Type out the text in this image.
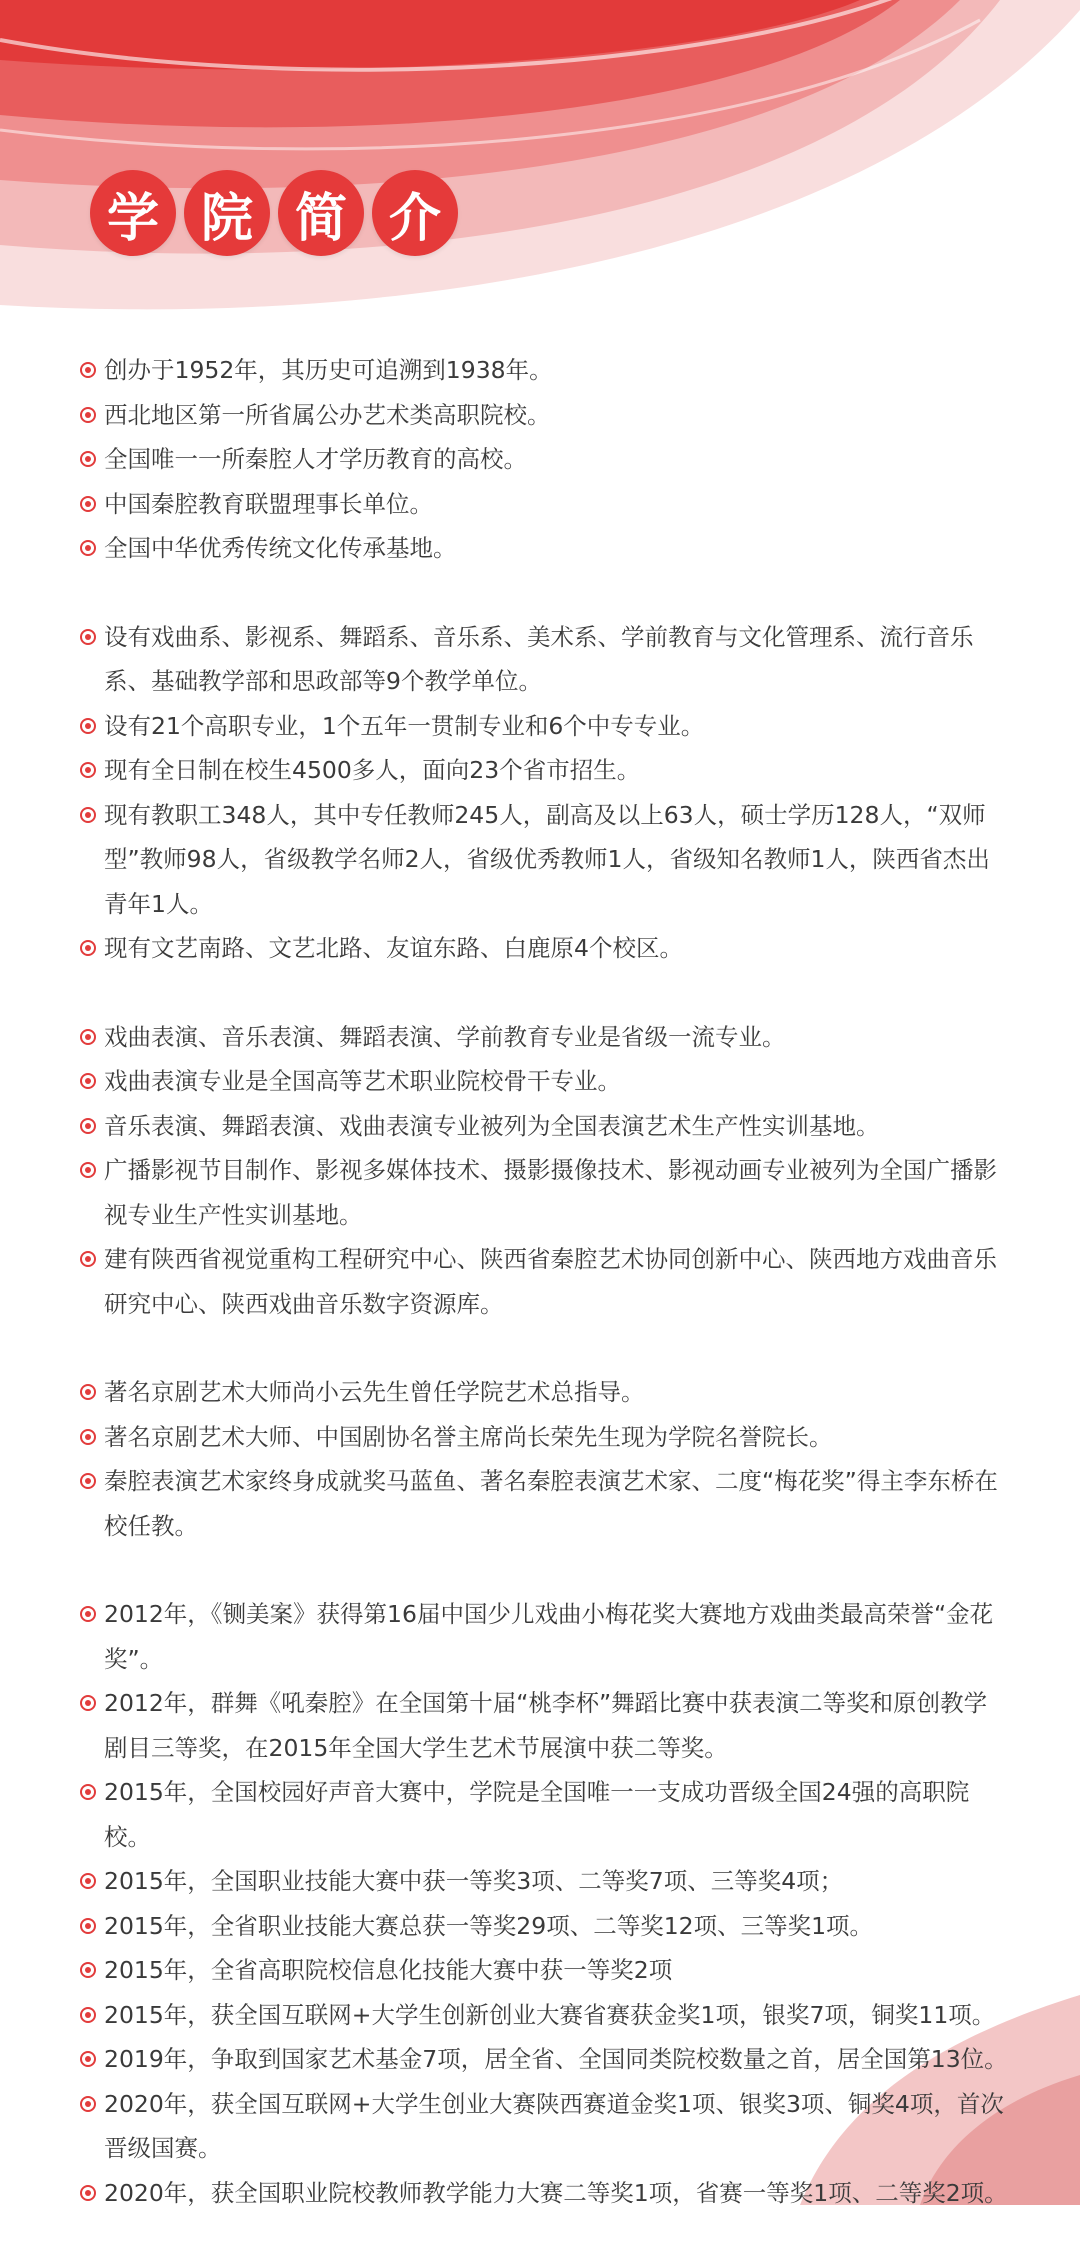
学 院 简 介
创办于1952年，其历史可追溯到1938年。
西北地区第一所省属公办艺术类高职院校。
全国唯一一所秦腔人才学历教育的高校。
中国秦腔教育联盟理事长单位。
全国中华优秀传统文化传承基地。
设有戏曲系、影视系、舞蹈系、音乐系、美术系、学前教育与文化管理系、流行音乐系、基础教学部和思政部等9个教学单位。
设有21个高职专业，1个五年一贯制专业和6个中专专业。
现有全日制在校生4500多人，面向23个省市招生。
现有教职工348人，其中专任教师245人，副高及以上63人，硕士学历128人，“双师型”教师98人，省级教学名师2人，省级优秀教师1人，省级知名教师1人，陕西省杰出青年1人。
现有文艺南路、文艺北路、友谊东路、白鹿原4个校区。
戏曲表演、音乐表演、舞蹈表演、学前教育专业是省级一流专业。
戏曲表演专业是全国高等艺术职业院校骨干专业。
音乐表演、舞蹈表演、戏曲表演专业被列为全国表演艺术生产性实训基地。
广播影视节目制作、影视多媒体技术、摄影摄像技术、影视动画专业被列为全国广播影视专业生产性实训基地。
建有陕西省视觉重构工程研究中心、陕西省秦腔艺术协同创新中心、陕西地方戏曲音乐研究中心、陕西戏曲音乐数字资源库。
著名京剧艺术大师尚小云先生曾任学院艺术总指导。
著名京剧艺术大师、中国剧协名誉主席尚长荣先生现为学院名誉院长。
秦腔表演艺术家终身成就奖马蓝鱼、著名秦腔表演艺术家、二度“梅花奖”得主李东桥在校任教。
2012年，《铡美案》获得第16届中国少儿戏曲小梅花奖大赛地方戏曲类最高荣誉“金花奖”。
2012年，群舞《吼秦腔》在全国第十届“桃李杯”舞蹈比赛中获表演二等奖和原创教学剧目三等奖，在2015年全国大学生艺术节展演中获二等奖。
2015年，全国校园好声音大赛中，学院是全国唯一一支成功晋级全国24强的高职院校。
2015年，全国职业技能大赛中获一等奖3项、二等奖7项、三等奖4项；
2015年，全省职业技能大赛总获一等奖29项、二等奖12项、三等奖1项。
2015年，全省高职院校信息化技能大赛中获一等奖2项
2015年，获全国互联网+大学生创新创业大赛省赛获金奖1项，银奖7项，铜奖11项。
2019年，争取到国家艺术基金7项，居全省、全国同类院校数量之首，居全国第13位。
2020年，获全国互联网+大学生创业大赛陕西赛道金奖1项、银奖3项、铜奖4项，首次晋级国赛。
2020年，获全国职业院校教师教学能力大赛二等奖1项，省赛一等奖1项、二等奖2项。
